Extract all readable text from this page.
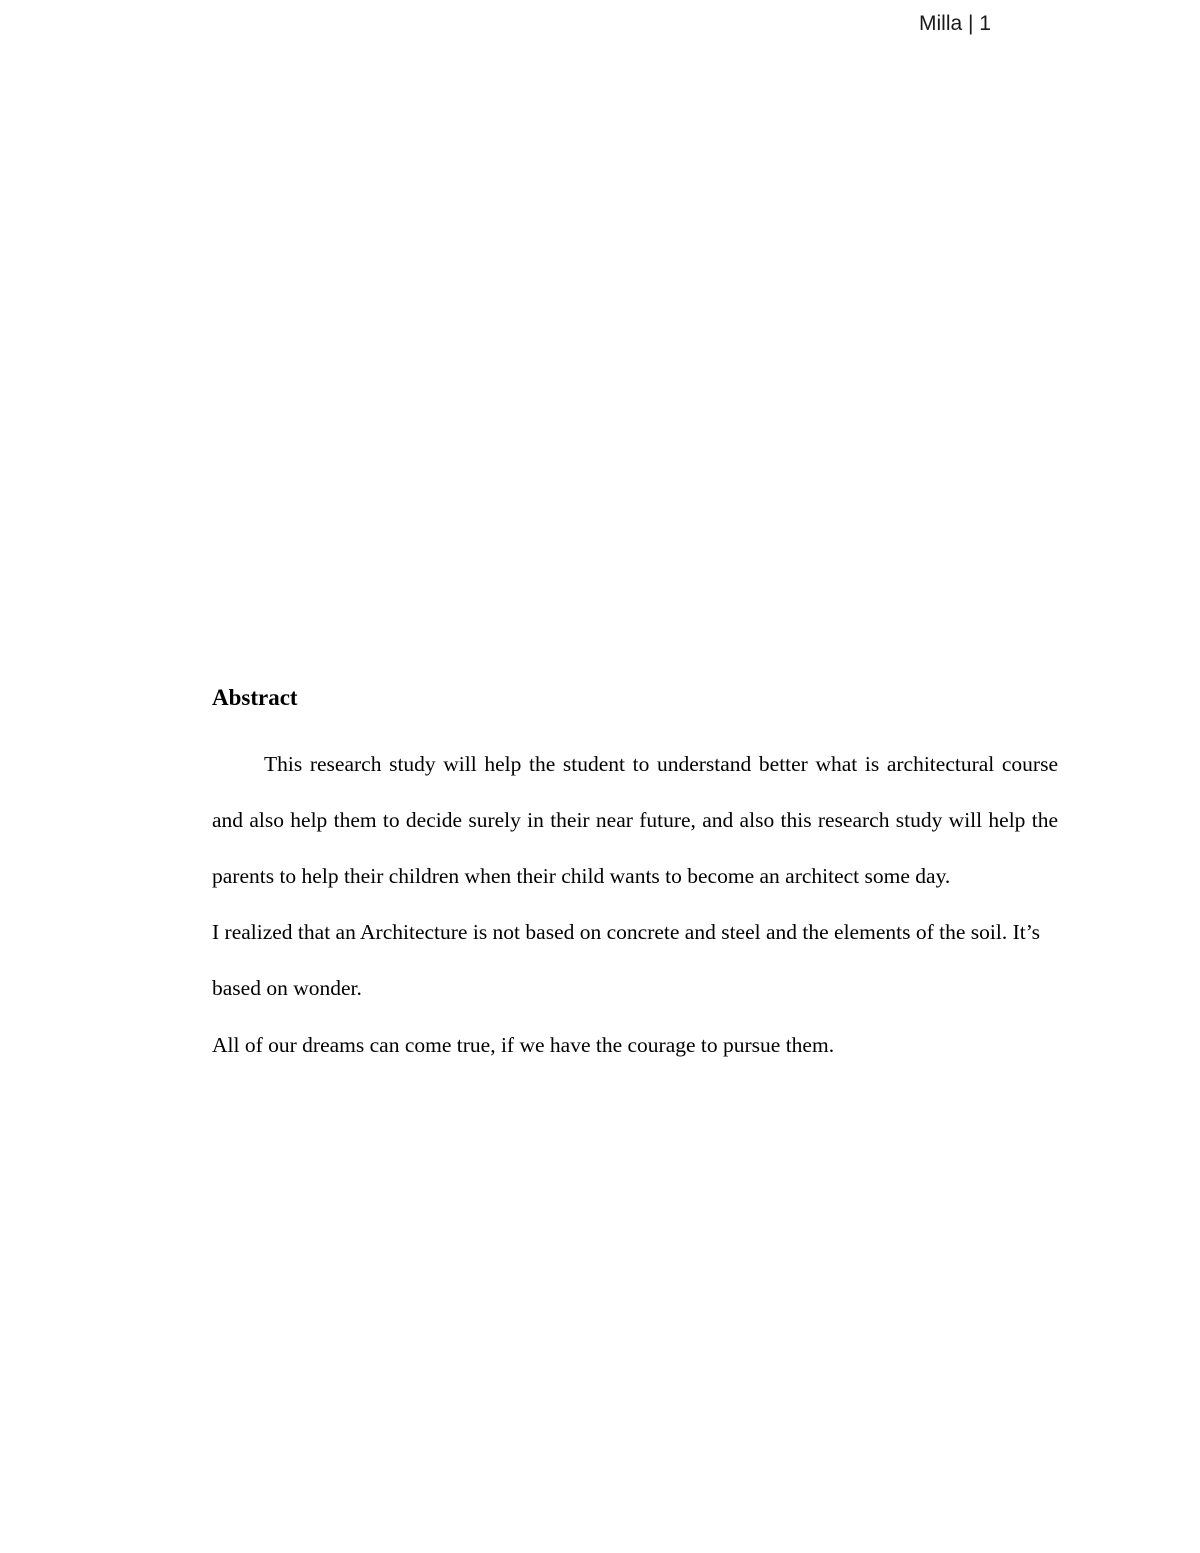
Milla | 1
Abstract

This research study will help the student to understand better what is architectural course and also help them to decide surely in their near future, and also this research study will help the parents to help their children when their child wants to become an architect some day.

I realized that an Architecture is not based on concrete and steel and the elements of the soil. It’s based on wonder.

All of our dreams can come true, if we have the courage to pursue them.
